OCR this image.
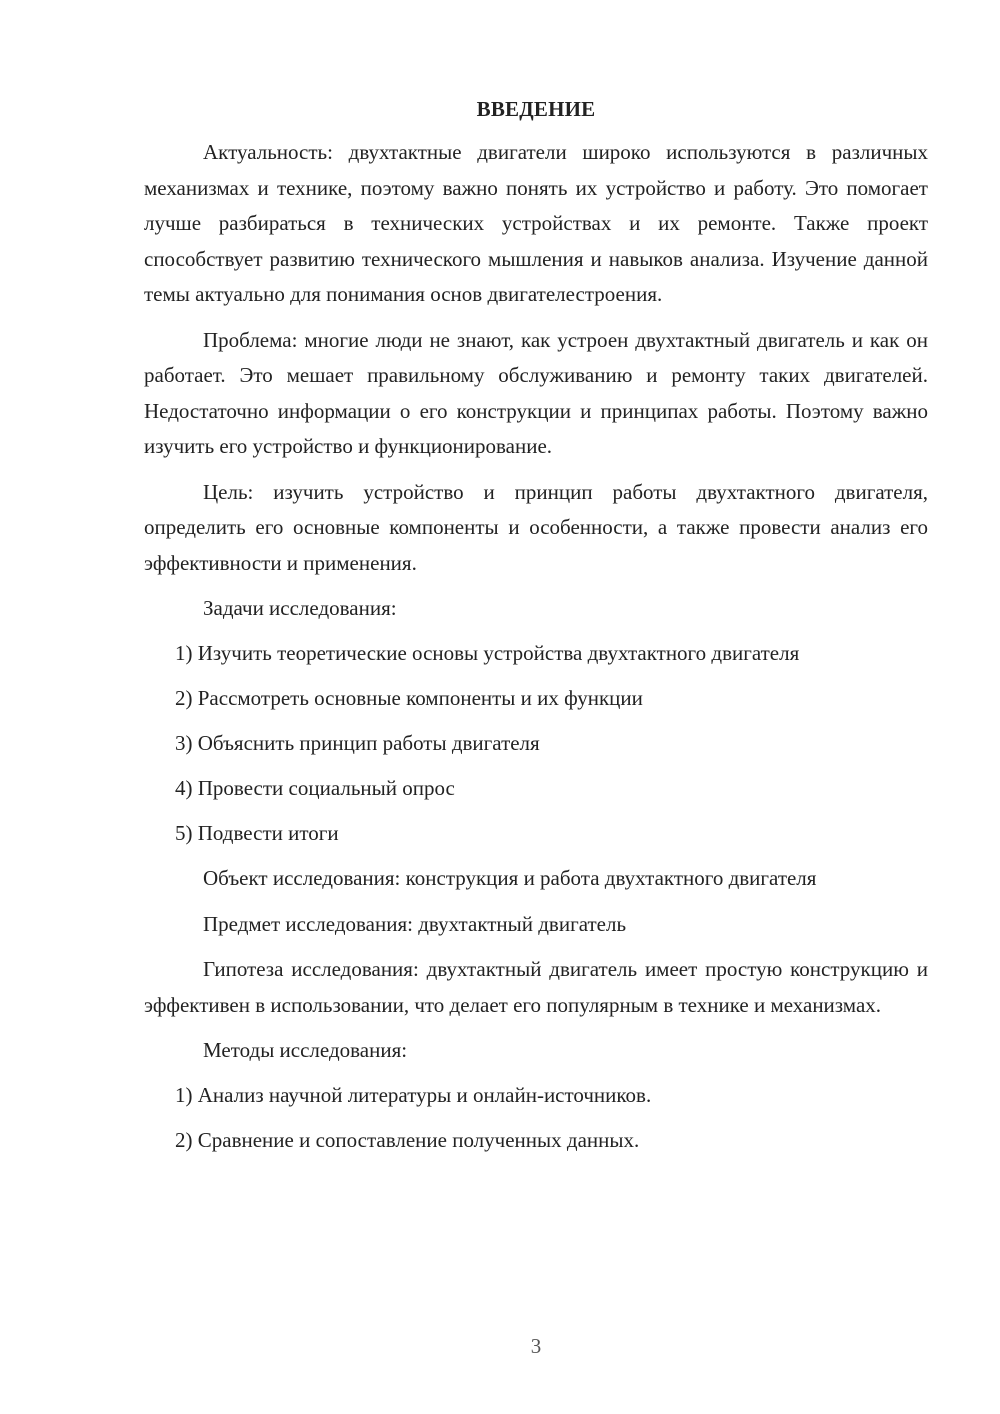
ВВЕДЕНИЕ

Актуальность: двухтактные двигатели широко используются в различных механизмах и технике, поэтому важно понять их устройство и работу. Это помогает лучше разбираться в технических устройствах и их ремонте. Также проект способствует развитию технического мышления и навыков анализа. Изучение данной темы актуально для понимания основ двигателестроения.

Проблема: многие люди не знают, как устроен двухтактный двигатель и как он работает. Это мешает правильному обслуживанию и ремонту таких двигателей. Недостаточно информации о его конструкции и принципах работы. Поэтому важно изучить его устройство и функционирование.

Цель: изучить устройство и принцип работы двухтактного двигателя, определить его основные компоненты и особенности, а также провести анализ его эффективности и применения.

Задачи исследования:

1) Изучить теоретические основы устройства двухтактного двигателя

2) Рассмотреть основные компоненты и их функции

3) Объяснить принцип работы двигателя

4) Провести социальный опрос

5) Подвести итоги

Объект исследования: конструкция и работа двухтактного двигателя

Предмет исследования: двухтактный двигатель

Гипотеза исследования: двухтактный двигатель имеет простую конструкцию и эффективен в использовании, что делает его популярным в технике и механизмах.

Методы исследования:

1) Анализ научной литературы и онлайн-источников.

2) Сравнение и сопоставление полученных данных.

3
